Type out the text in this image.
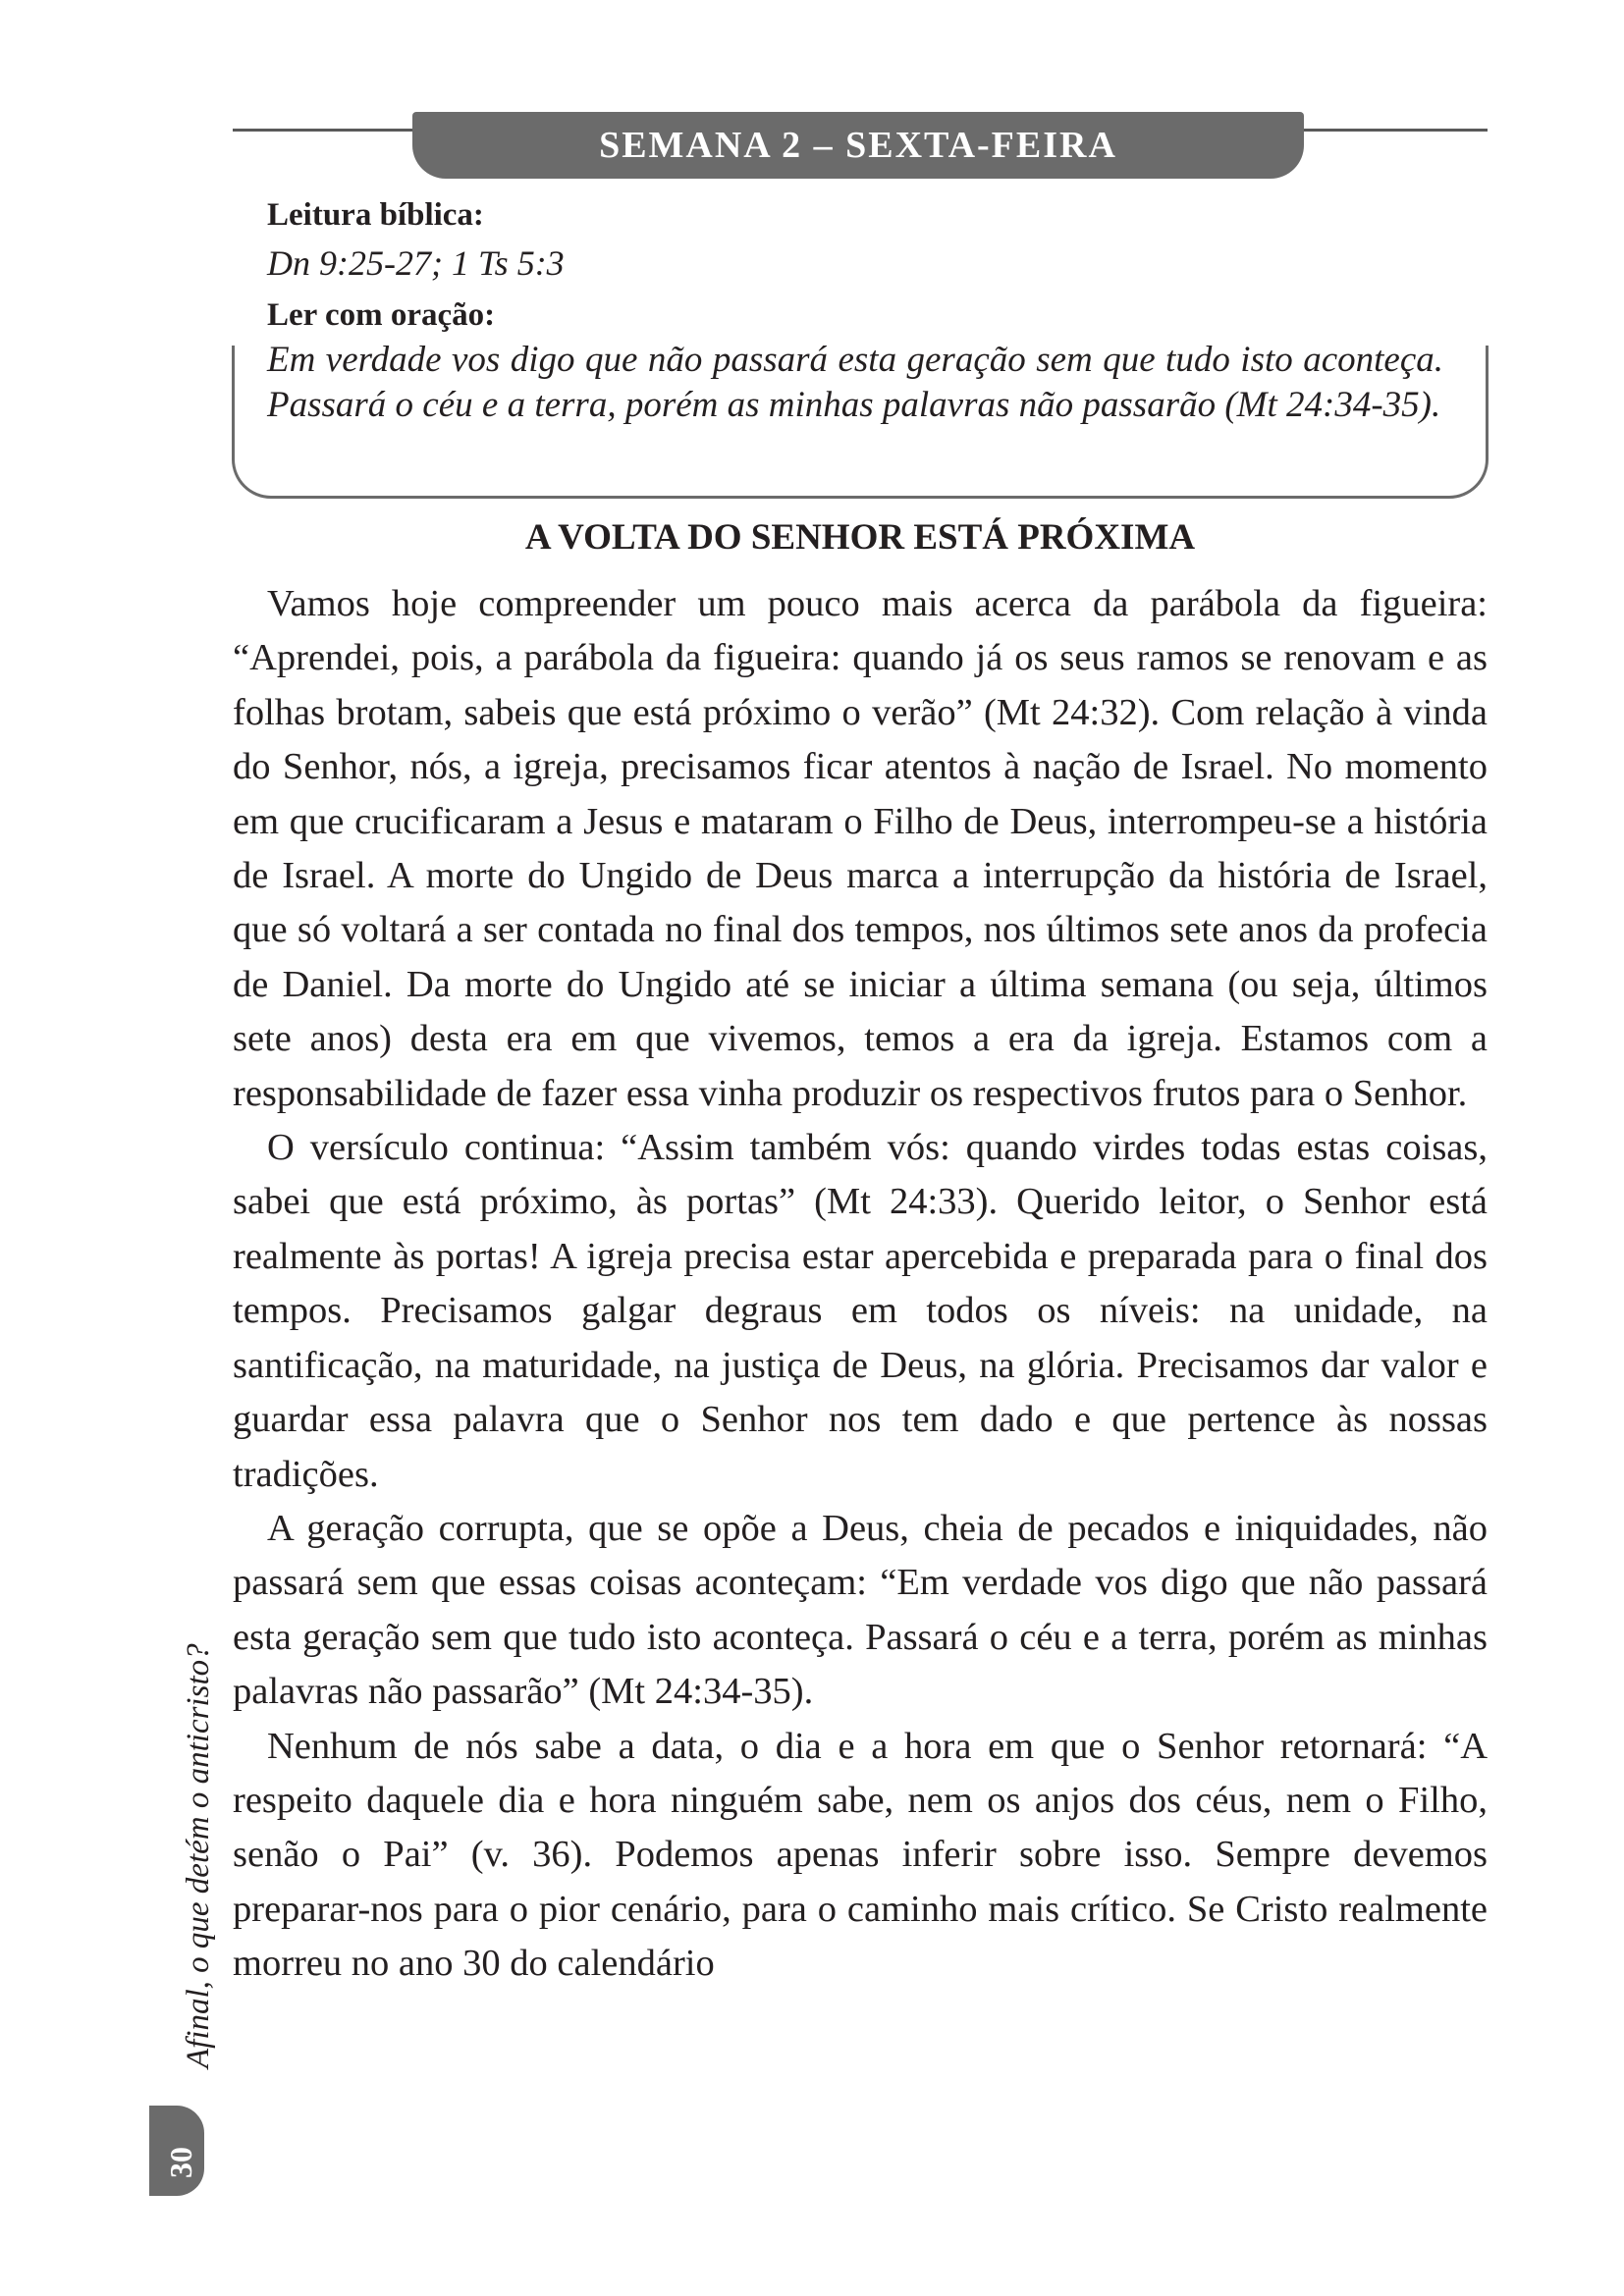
SEMANA 2 – SEXTA-FEIRA
Leitura bíblica:
Dn 9:25-27; 1 Ts 5:3
Ler com oração:
Em verdade vos digo que não passará esta geração sem que tudo isto aconteça. Passará o céu e a terra, porém as minhas palavras não passarão (Mt 24:34-35).
A VOLTA DO SENHOR ESTÁ PRÓXIMA

Vamos hoje compreender um pouco mais acerca da parábola da figueira: “Aprendei, pois, a parábola da figueira: quando já os seus ramos se renovam e as folhas brotam, sabeis que está próximo o verão” (Mt 24:32). Com relação à vinda do Senhor, nós, a igreja, precisamos ficar atentos à nação de Israel. No momento em que crucificaram a Jesus e mataram o Filho de Deus, interrompeu-se a história de Israel. A morte do Ungido de Deus marca a interrupção da história de Israel, que só voltará a ser contada no final dos tempos, nos últimos sete anos da profecia de Daniel. Da morte do Ungido até se iniciar a última semana (ou seja, últimos sete anos) desta era em que vivemos, temos a era da igreja. Estamos com a responsabilidade de fazer essa vinha produzir os respectivos frutos para o Senhor.

O versículo continua: “Assim também vós: quando virdes todas estas coisas, sabei que está próximo, às portas” (Mt 24:33). Querido leitor, o Senhor está realmente às portas! A igreja precisa estar apercebida e preparada para o final dos tempos. Precisamos galgar degraus em todos os níveis: na unidade, na santificação, na maturidade, na justiça de Deus, na glória. Precisamos dar valor e guardar essa palavra que o Senhor nos tem dado e que pertence às nossas tradições.

A geração corrupta, que se opõe a Deus, cheia de pecados e iniquidades, não passará sem que essas coisas aconteçam: “Em verdade vos digo que não passará esta geração sem que tudo isto aconteça. Passará o céu e a terra, porém as minhas palavras não passarão” (Mt 24:34-35).

Nenhum de nós sabe a data, o dia e a hora em que o Senhor retornará: “A respeito daquele dia e hora ninguém sabe, nem os anjos dos céus, nem o Filho, senão o Pai” (v. 36). Podemos apenas inferir sobre isso. Sempre devemos preparar-nos para o pior cenário, para o caminho mais crítico. Se Cristo realmente morreu no ano 30 do calendário

Afinal, o que detém o anticristo?
30
